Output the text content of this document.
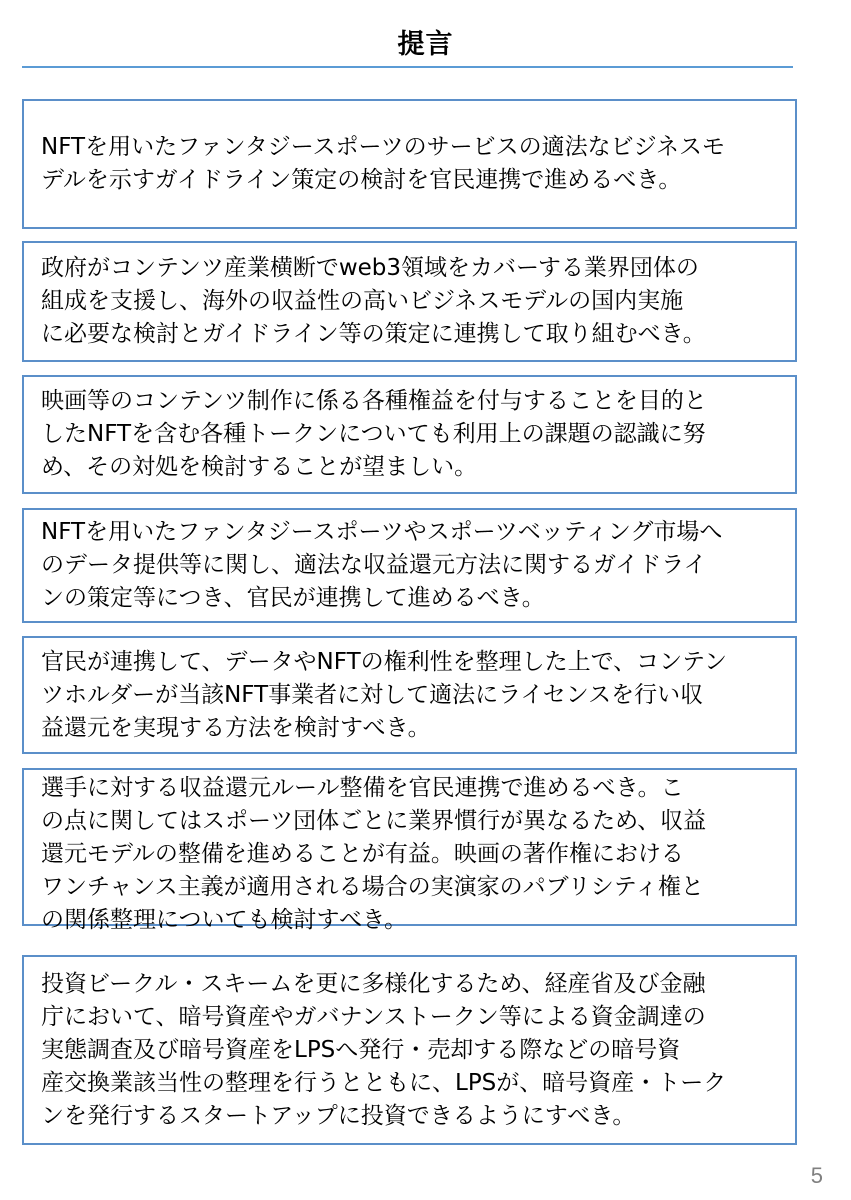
提言

NFTを用いたファンタジースポーツのサービスの適法なビジネスモ

デルを示すガイドライン策定の検討を官民連携で進めるべき。

政府がコンテンツ産業横断でweb3領域をカバーする業界団体の

組成を支援し、海外の収益性の高いビジネスモデルの国内実施

に必要な検討とガイドライン等の策定に連携して取り組むべき。

映画等のコンテンツ制作に係る各種権益を付与することを目的と

したNFTを含む各種トークンについても利用上の課題の認識に努

め、その対処を検討することが望ましい。

NFTを用いたファンタジースポーツやスポーツベッティング市場へ

のデータ提供等に関し、適法な収益還元方法に関するガイドライ

ンの策定等につき、官民が連携して進めるべき。

官民が連携して、データやNFTの権利性を整理した上で、コンテン

ツホルダーが当該NFT事業者に対して適法にライセンスを行い収

益還元を実現する方法を検討すべき。

選手に対する収益還元ルール整備を官民連携で進めるべき。こ

の点に関してはスポーツ団体ごとに業界慣行が異なるため、収益

還元モデルの整備を進めることが有益。映画の著作権における

ワンチャンス主義が適用される場合の実演家のパブリシティ権と

の関係整理についても検討すべき。

投資ビークル・スキームを更に多様化するため、経産省及び金融

庁において、暗号資産やガバナンストークン等による資金調達の

実態調査及び暗号資産をLPSへ発行・売却する際などの暗号資

産交換業該当性の整理を行うとともに、LPSが、暗号資産・トーク

ンを発行するスタートアップに投資できるようにすべき。

5
